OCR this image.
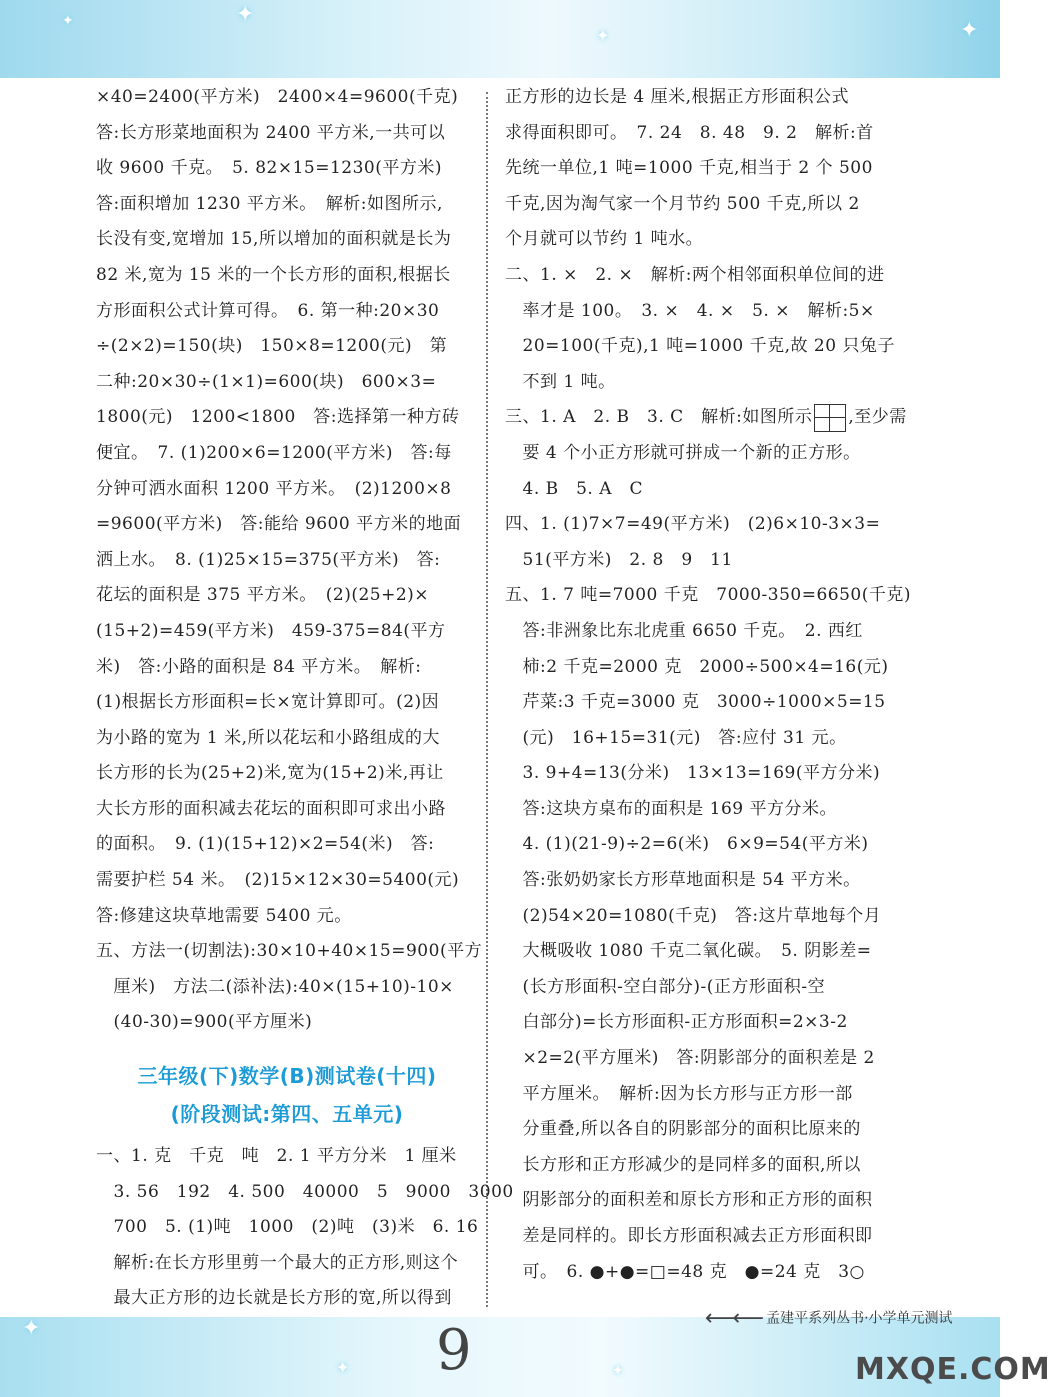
✦
✦
✦	✦
✦
✦	✦
×40=2400(平方米)　2400×4=9600(千克)
答:长方形菜地面积为 2400 平方米,一共可以
收 9600 千克。　5. 82×15=1230(平方米)
答:面积增加 1230 平方米。　解析:如图所示,
长没有变,宽增加 15,所以增加的面积就是长为
82 米,宽为 15 米的一个长方形的面积,根据长
方形面积公式计算可得。　6. 第一种:20×30
÷(2×2)=150(块)　150×8=1200(元)　第
二种:20×30÷(1×1)=600(块)　600×3=
1800(元)　1200<1800　答:选择第一种方砖
便宜。　7. (1)200×6=1200(平方米)　答:每
分钟可洒水面积 1200 平方米。　(2)1200×8
=9600(平方米)　答:能给 9600 平方米的地面
洒上水。　8. (1)25×15=375(平方米)　答:
花坛的面积是 375 平方米。　(2)(25+2)×
(15+2)=459(平方米)　459-375=84(平方
米)　答:小路的面积是 84 平方米。　解析:
(1)根据长方形面积=长×宽计算即可。(2)因
为小路的宽为 1 米,所以花坛和小路组成的大
长方形的长为(25+2)米,宽为(15+2)米,再让
大长方形的面积减去花坛的面积即可求出小路
的面积。　9. (1)(15+12)×2=54(米)　答:
需要护栏 54 米。　(2)15×12×30=5400(元)
答:修建这块草地需要 5400 元。
五、方法一(切割法):30×10+40×15=900(平方
　厘米)　方法二(添补法):40×(15+10)-10×
　(40-30)=900(平方厘米)
三年级(下)数学(B)测试卷(十四)
(阶段测试:第四、五单元)
一、1. 克　千克　吨　2. 1 平方分米　1 厘米
　3. 56　192　4. 500　40000　5　9000　3000
　700　5. (1)吨　1000　(2)吨　(3)米　6. 16
　解析:在长方形里剪一个最大的正方形,则这个
　最大正方形的边长就是长方形的宽,所以得到
正方形的边长是 4 厘米,根据正方形面积公式
求得面积即可。　7. 24　8. 48　9. 2　解析:首
先统一单位,1 吨=1000 千克,相当于 2 个 500
千克,因为淘气家一个月节约 500 千克,所以 2
个月就可以节约 1 吨水。
二、1. ×　2. ×　解析:两个相邻面积单位间的进
　率才是 100。　3. ×　4. ×　5. ×　解析:5×
　20=100(千克),1 吨=1000 千克,故 20 只兔子
　不到 1 吨。
三、1. A　2. B　3. C　解析:如图所示 ,至少需
　要 4 个小正方形就可拼成一个新的正方形。
　4. B　5. A　C
四、1. (1)7×7=49(平方米)　(2)6×10-3×3=
　51(平方米)　2. 8　9　11
五、1. 7 吨=7000 千克　7000-350=6650(千克)
　答:非洲象比东北虎重 6650 千克。　2. 西红
　柿:2 千克=2000 克　2000÷500×4=16(元)
　芹菜:3 千克=3000 克　3000÷1000×5=15
　(元)　16+15=31(元)　答:应付 31 元。
　3. 9+4=13(分米)　13×13=169(平方分米)
　答:这块方桌布的面积是 169 平方分米。
　4. (1)(21-9)÷2=6(米)　6×9=54(平方米)
　答:张奶奶家长方形草地面积是 54 平方米。
　(2)54×20=1080(千克)　答:这片草地每个月
　大概吸收 1080 千克二氧化碳。　5. 阴影差=
　(长方形面积-空白部分)-(正方形面积-空
　白部分)=长方形面积-正方形面积=2×3-2
　×2=2(平方厘米)　答:阴影部分的面积差是 2
　平方厘米。　解析:因为长方形与正方形一部
　分重叠,所以各自的阴影部分的面积比原来的
　长方形和正方形减少的是同样多的面积,所以
　阴影部分的面积差和原长方形和正方形的面积
　差是同样的。即长方形面积减去正方形面积即
　可。　6. ●+●=□=48 克　●=24 克　3○
9	⟵⟵ 孟建平系列丛书·小学单元测试
MXQE.COM
